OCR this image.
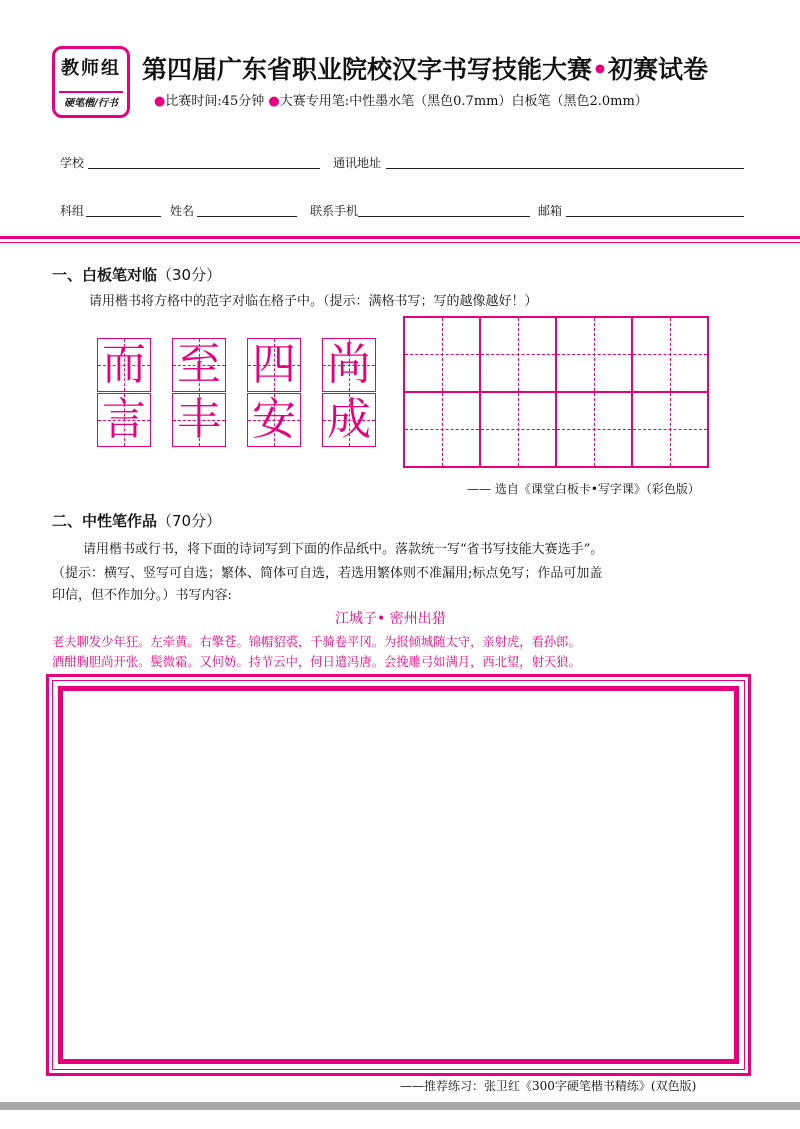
教师组
硬笔楷/行书
第四届广东省职业院校汉字书写技能大赛•初赛试卷
●比赛时间:45分钟 ●大赛专用笔:中性墨水笔（黑色0.7mm）白板笔（黑色2.0mm）
学校	通讯地址
科组	姓名	联系手机	邮箱
一、白板笔对临（30分）
请用楷书将方格中的范字对临在格子中。（提示：满格书写；写的越像越好！）
而 至 四 尚
言 丰 安 成
—— 选自《课堂白板卡•写字课》（彩色版）
二、中性笔作品（70分）
请用楷书或行书，将下面的诗词写到下面的作品纸中。落款统一写“省书写技能大赛选手”。
（提示：横写、竖写可自选；繁体、简体可自选，若选用繁体则不准漏用;标点免写；作品可加盖
印信，但不作加分。）书写内容:
江城子• 密州出猎
老夫聊发少年狂。左牵黄。右擎苍。锦帽貂裘，千骑卷平冈。为报倾城随太守，亲射虎，看孙郎。
酒酣胸胆尚开张。鬓微霜。又何妨。持节云中，何日遣冯唐。会挽雕弓如满月，西北望，射天狼。
——推荐练习：张卫红《300字硬笔楷书精练》(双色版)
